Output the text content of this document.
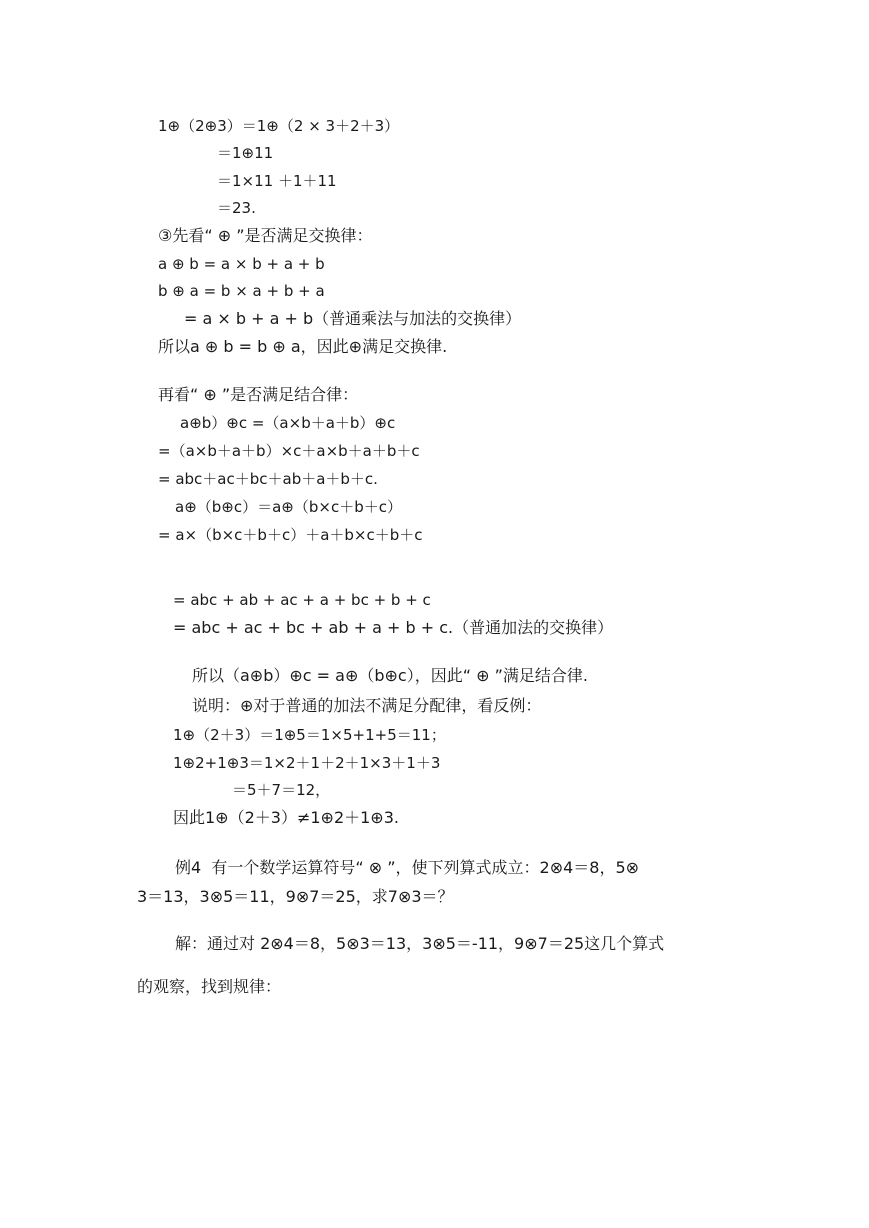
1⊕（2⊕3）＝1⊕（2 × 3＋2＋3）
＝1⊕11
＝1×11 ＋1＋11
＝23.
③先看“ ⊕ ”是否满足交换律：
a ⊕ b = a × b + a + b
b ⊕ a = b × a + b + a
= a × b + a + b（普通乘法与加法的交换律）
所以a ⊕ b = b ⊕ a，因此⊕满足交换律.
再看“ ⊕ ”是否满足结合律：
a⊕b）⊕c =（a×b＋a＋b）⊕c
=（a×b＋a＋b）×c＋a×b＋a＋b＋c
= abc＋ac＋bc＋ab＋a＋b＋c.
a⊕（b⊕c）＝a⊕（b×c＋b＋c）
= a×（b×c＋b＋c）＋a＋b×c＋b＋c
= abc + ab + ac + a + bc + b + c
= abc + ac + bc + ab + a + b + c.（普通加法的交换律）
所以（a⊕b）⊕c = a⊕（b⊕c），因此“ ⊕ ”满足结合律.
说明：⊕对于普通的加法不满足分配律，看反例：
1⊕（2＋3）＝1⊕5＝1×5+1+5＝11；
1⊕2+1⊕3＝1×2＋1＋2＋1×3＋1＋3
＝5＋7＝12，
因此1⊕（2＋3）≠1⊕2＋1⊕3.
例4  有一个数学运算符号“ ⊗ ”，使下列算式成立：2⊗4＝8，5⊗
3＝13，3⊗5＝11，9⊗7＝25，求7⊗3＝？
解：通过对 2⊗4＝8，5⊗3＝13，3⊗5＝-11，9⊗7＝25这几个算式
的观察，找到规律：
